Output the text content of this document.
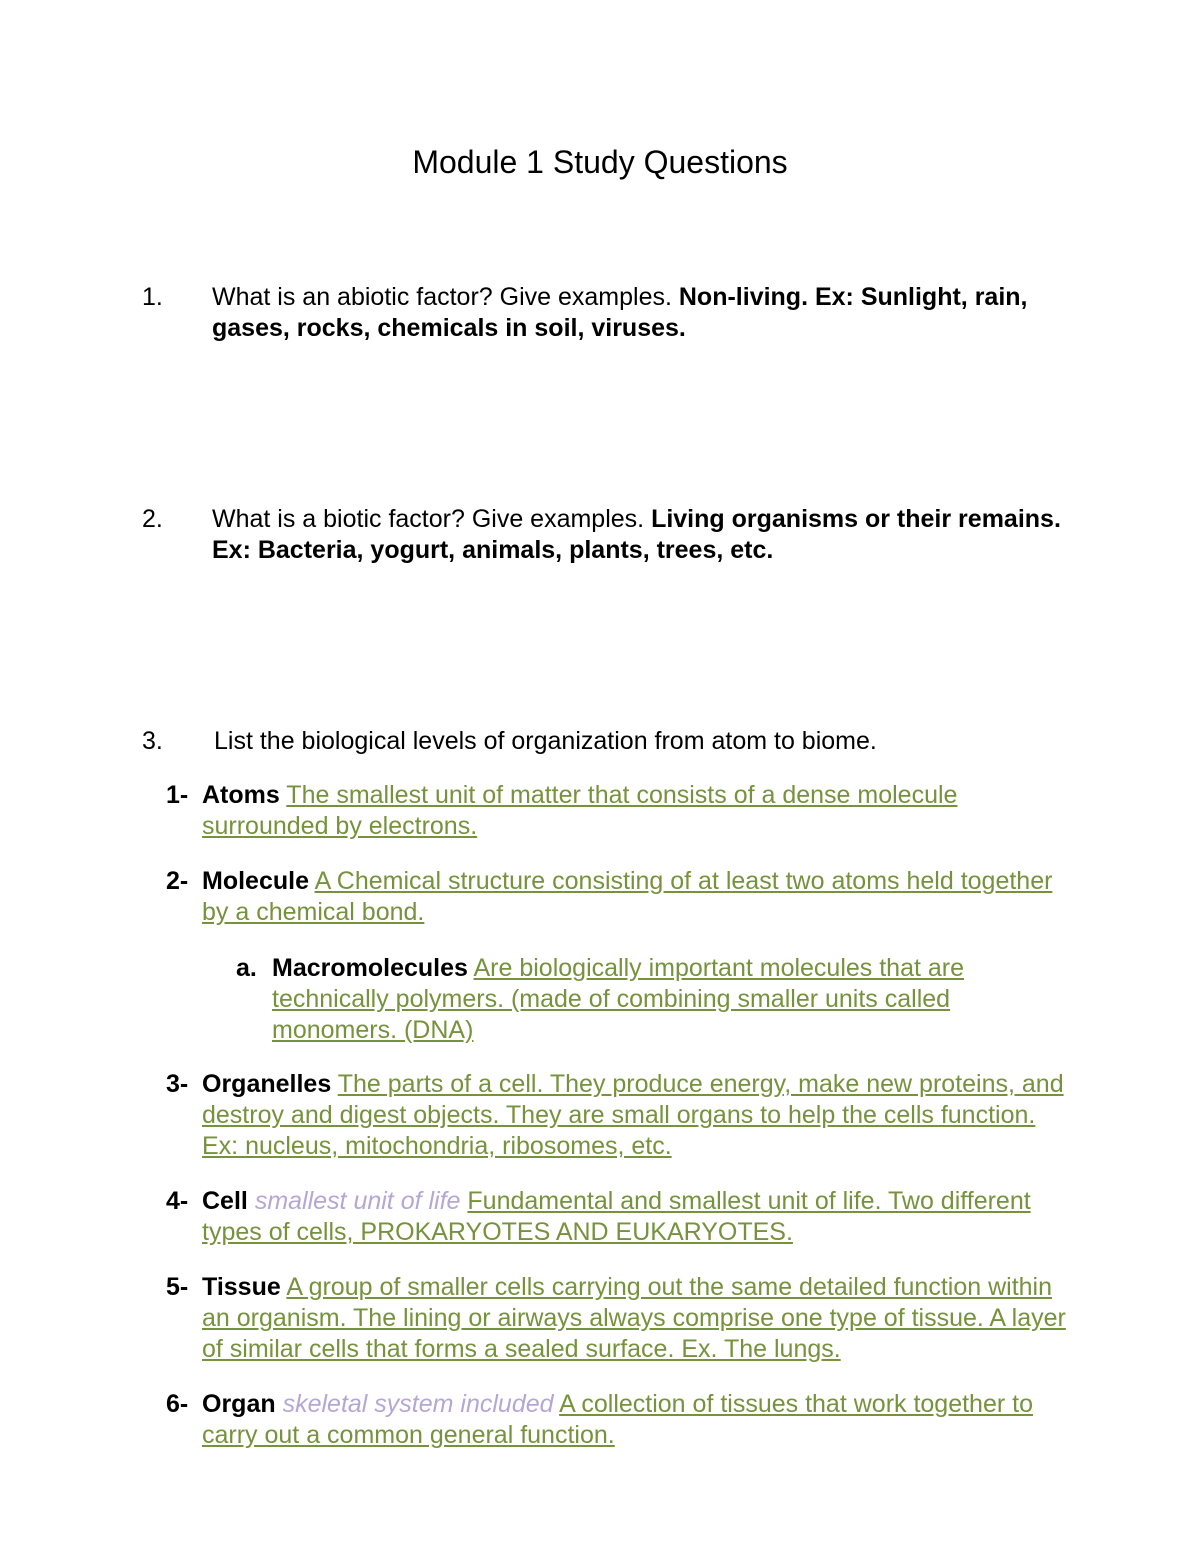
Module 1 Study Questions
1. What is an abiotic factor? Give examples. Non-living. Ex: Sunlight, rain, gases, rocks, chemicals in soil, viruses.
2. What is a biotic factor? Give examples. Living organisms or their remains. Ex: Bacteria, yogurt, animals, plants, trees, etc.
3. List the biological levels of organization from atom to biome.
1- Atoms The smallest unit of matter that consists of a dense molecule surrounded by electrons.
2- Molecule A Chemical structure consisting of at least two atoms held together by a chemical bond.
a. Macromolecules Are biologically important molecules that are technically polymers. (made of combining smaller units called monomers. (DNA)
3- Organelles The parts of a cell. They produce energy, make new proteins, and destroy and digest objects. They are small organs to help the cells function. Ex: nucleus, mitochondria, ribosomes, etc.
4- Cell smallest unit of life Fundamental and smallest unit of life. Two different types of cells, PROKARYOTES AND EUKARYOTES.
5- Tissue A group of smaller cells carrying out the same detailed function within an organism. The lining or airways always comprise one type of tissue. A layer of similar cells that forms a sealed surface. Ex. The lungs.
6- Organ skeletal system included A collection of tissues that work together to carry out a common general function.
